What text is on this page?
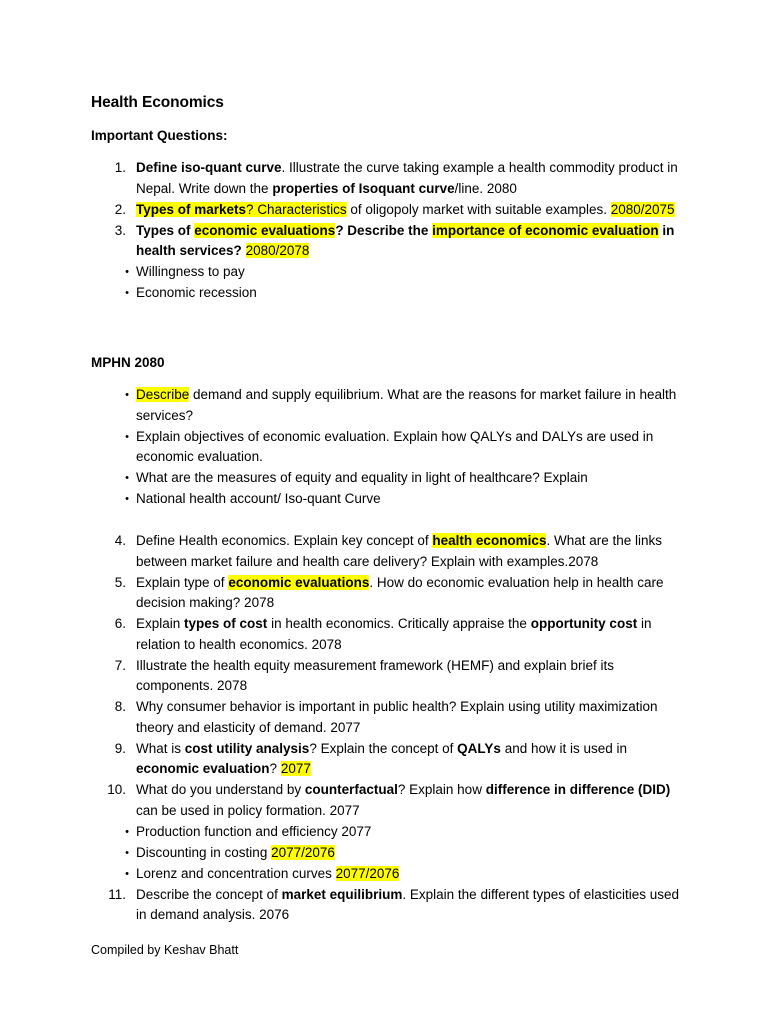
Health Economics
Important Questions:
1. Define iso-quant curve. Illustrate the curve taking example a health commodity product in Nepal. Write down the properties of Isoquant curve/line. 2080
2. Types of markets? Characteristics of oligopoly market with suitable examples. 2080/2075
3. Types of economic evaluations? Describe the importance of economic evaluation in health services? 2080/2078
• Willingness to pay
• Economic recession
MPHN 2080
• Describe demand and supply equilibrium. What are the reasons for market failure in health services?
• Explain objectives of economic evaluation. Explain how QALYs and DALYs are used in economic evaluation.
• What are the measures of equity and equality in light of healthcare? Explain
• National health account/ Iso-quant Curve
4. Define Health economics. Explain key concept of health economics. What are the links between market failure and health care delivery? Explain with examples.2078
5. Explain type of economic evaluations. How do economic evaluation help in health care decision making? 2078
6. Explain types of cost in health economics. Critically appraise the opportunity cost in relation to health economics. 2078
7. Illustrate the health equity measurement framework (HEMF) and explain brief its components. 2078
8. Why consumer behavior is important in public health? Explain using utility maximization theory and elasticity of demand. 2077
9. What is cost utility analysis? Explain the concept of QALYs and how it is used in economic evaluation? 2077
10. What do you understand by counterfactual? Explain how difference in difference (DID) can be used in policy formation. 2077
• Production function and efficiency 2077
• Discounting in costing 2077/2076
• Lorenz and concentration curves 2077/2076
11. Describe the concept of market equilibrium. Explain the different types of elasticities used in demand analysis. 2076
Compiled by Keshav Bhatt
